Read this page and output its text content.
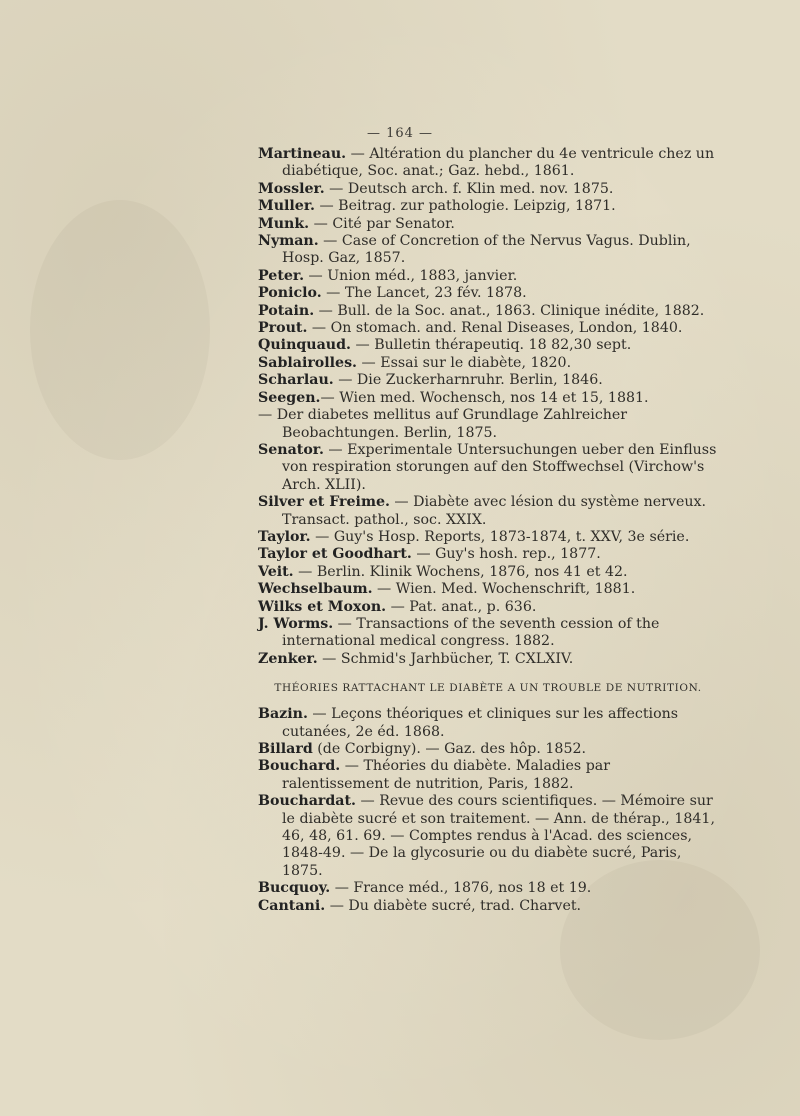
— 164 —

Martineau. — Altération du plancher du 4e ventricule chez un diabétique, Soc. anat.; Gaz. hebd., 1861.

Mossler. — Deutsch arch. f. Klin med. nov. 1875.

Muller. — Beitrag. zur pathologie. Leipzig, 1871.

Munk. — Cité par Senator.

Nyman. — Case of Concretion of the Nervus Vagus. Dublin, Hosp. Gaz, 1857.

Peter. — Union méd., 1883, janvier.

Poniclo. — The Lancet, 23 fév. 1878.

Potain. — Bull. de la Soc. anat., 1863. Clinique inédite, 1882.

Prout. — On stomach. and. Renal Diseases, London, 1840.

Quinquaud. — Bulletin thérapeutiq. 18 82,30 sept.

Sablairolles. — Essai sur le diabète, 1820.

Scharlau. — Die Zuckerharnruhr. Berlin, 1846.

Seegen.— Wien med. Wochensch, nos 14 et 15, 1881.

— Der diabetes mellitus auf Grundlage Zahlreicher Beobachtungen. Berlin, 1875.

Senator. — Experimentale Untersuchungen ueber den Einfluss von respiration storungen auf den Stoffwechsel (Virchow's Arch. XLII).

Silver et Freime. — Diabète avec lésion du système nerveux. Transact. pathol., soc. XXIX.

Taylor. — Guy's Hosp. Reports, 1873-1874, t. XXV, 3e série.

Taylor et Goodhart. — Guy's hosh. rep., 1877.

Veit. — Berlin. Klinik Wochens, 1876, nos 41 et 42.

Wechselbaum. — Wien. Med. Wochenschrift, 1881.

Wilks et Moxon. — Pat. anat., p. 636.

J. Worms. — Transactions of the seventh cession of the international medical congress. 1882.

Zenker. — Schmid's Jarhbücher, T. CXLXIV.

THÉORIES RATTACHANT LE DIABÈTE A UN TROUBLE DE NUTRITION.

Bazin. — Leçons théoriques et cliniques sur les affections cutanées, 2e éd. 1868.

Billard (de Corbigny). — Gaz. des hôp. 1852.

Bouchard. — Théories du diabète. Maladies par ralentissement de nutrition, Paris, 1882.

Bouchardat. — Revue des cours scientifiques. — Mémoire sur le diabète sucré et son traitement. — Ann. de thérap., 1841, 46, 48, 61. 69. — Comptes rendus à l'Acad. des sciences, 1848-49. — De la glycosurie ou du diabète sucré, Paris, 1875.

Bucquoy. — France méd., 1876, nos 18 et 19.

Cantani. — Du diabète sucré, trad. Charvet.
